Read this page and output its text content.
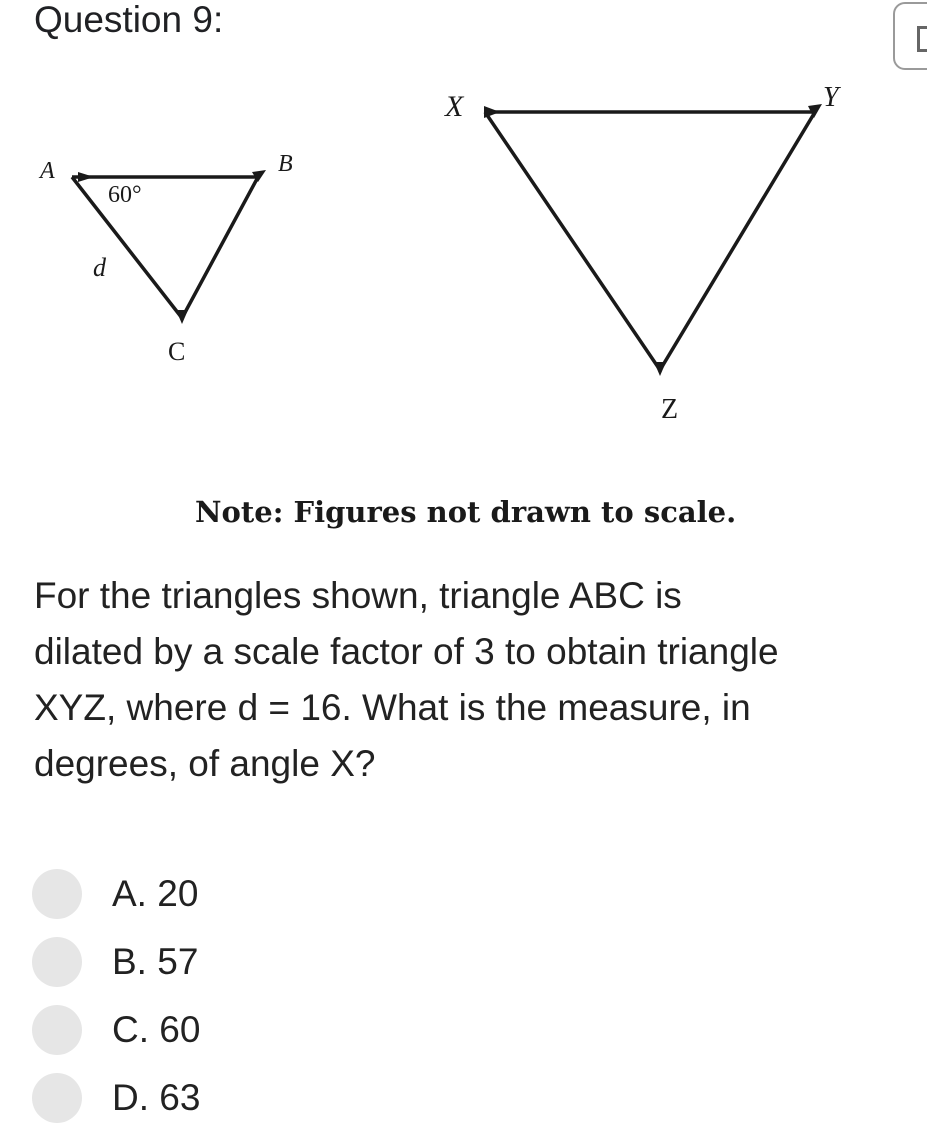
Question 9:
A	B
C
60°
d
X	Y
Z
Note: Figures not drawn to scale.
For the triangles shown, triangle ABC is dilated by a scale factor of 3 to obtain triangle XYZ, where d = 16. What is the measure, in degrees, of angle X?
A. 20
B. 57
C. 60
D. 63
